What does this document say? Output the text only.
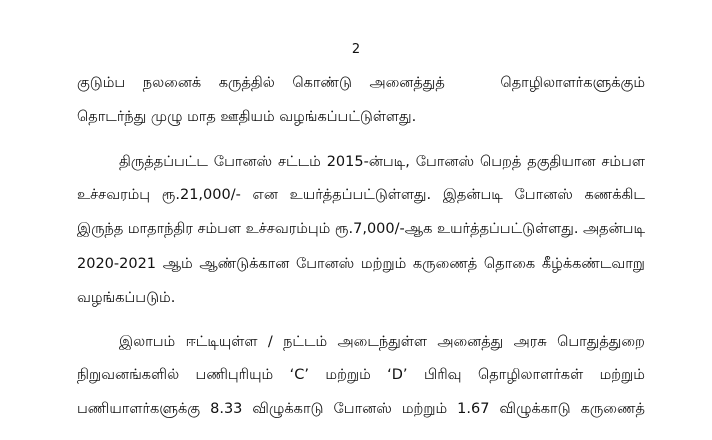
2
குடும்ப நலனைக் கருத்தில் கொண்டு அனைத்துத்	தொழிலாளர்களுக்கும்
தொடர்ந்து முழு மாத ஊதியம் வழங்கப்பட்டுள்ளது.
திருத்தப்பட்ட போனஸ் சட்டம் 2015-ன்படி, போனஸ் பெறத் தகுதியான சம்பள
உச்சவரம்பு ரூ.21,000/- என உயர்த்தப்பட்டுள்ளது. இதன்படி போனஸ் கணக்கிட
இருந்த மாதாந்திர சம்பள உச்சவரம்பும் ரூ.7,000/-ஆக உயர்த்தப்பட்டுள்ளது. அதன்படி
2020-2021 ஆம் ஆண்டுக்கான போனஸ் மற்றும் கருணைத் தொகை கீழ்க்கண்டவாறு
வழங்கப்படும்.
இலாபம் ஈட்டியுள்ள / நட்டம் அடைந்துள்ள அனைத்து அரசு பொதுத்துறை
நிறுவனங்களில் பணிபுரியும் ‘C’ மற்றும் ‘D’ பிரிவு தொழிலாளர்கள் மற்றும்
பணியாளர்களுக்கு 8.33 விழுக்காடு போனஸ் மற்றும் 1.67 விழுக்காடு கருணைத்
